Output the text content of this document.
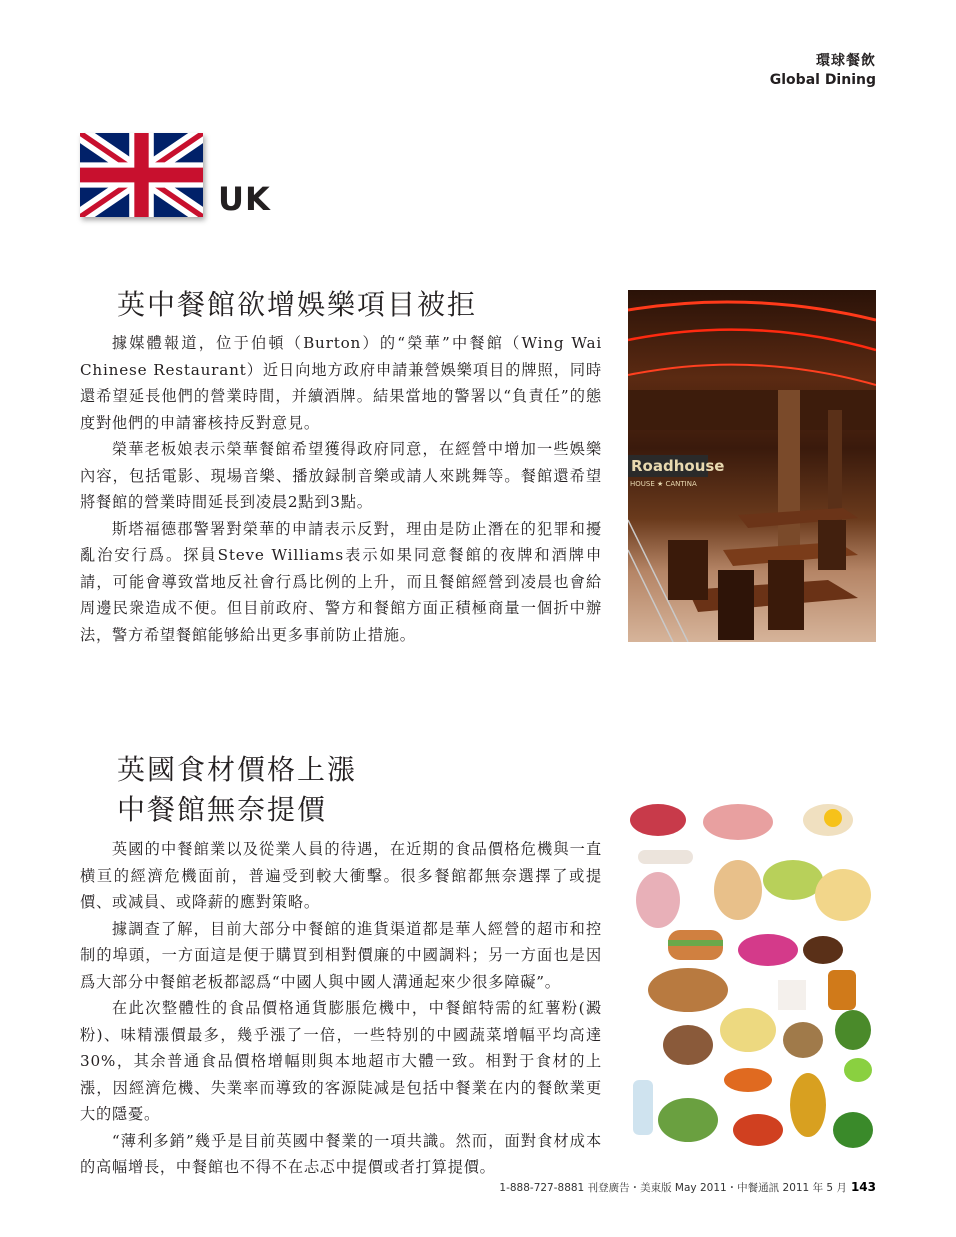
環球餐飲
Global Dining
UK
英中餐館欲增娛樂項目被拒

據媒體報道，位于伯頓（Burton）的“榮華”中餐館（Wing Wai Chinese Restaurant）近日向地方政府申請兼營娛樂項目的牌照，同時還希望延長他們的營業時間，并續酒牌。結果當地的警署以“負責任”的態度對他們的申請審核持反對意見。

榮華老板娘表示榮華餐館希望獲得政府同意，在經營中增加一些娛樂內容，包括電影、現場音樂、播放録制音樂或請人來跳舞等。餐館還希望將餐館的營業時間延長到凌晨2點到3點。

斯塔福德郡警署對榮華的申請表示反對，理由是防止潛在的犯罪和擾亂治安行爲。探員Steve Williams表示如果同意餐館的夜牌和酒牌申請，可能會導致當地反社會行爲比例的上升，而且餐館經營到凌晨也會給周邊民衆造成不便。但目前政府、警方和餐館方面正積極商量一個折中辦法，警方希望餐館能够給出更多事前防止措施。

Roadhouse
HOUSE ★ CANTINA
英國食材價格上漲
中餐館無奈提價

英國的中餐館業以及從業人員的待遇，在近期的食品價格危機與一直横亘的經濟危機面前，普遍受到較大衝擊。很多餐館都無奈選擇了或提價、或减員、或降薪的應對策略。

據調查了解，目前大部分中餐館的進貨渠道都是華人經營的超市和控制的埠頭，一方面這是便于購買到相對價廉的中國調料；另一方面也是因爲大部分中餐館老板都認爲“中國人與中國人溝通起來少很多障礙”。

在此次整體性的食品價格通貨膨脹危機中，中餐館特需的紅薯粉(澱粉)、味精漲價最多，幾乎漲了一倍，一些特别的中國蔬菜增幅平均高達30%，其余普通食品價格增幅則與本地超市大體一致。相對于食材的上漲，因經濟危機、失業率而導致的客源陡减是包括中餐業在内的餐飲業更大的隱憂。

“薄利多銷”幾乎是目前英國中餐業的一項共識。然而，面對食材成本的高幅增長，中餐館也不得不在忐忑中提價或者打算提價。

1-888-727-8881 刊登廣告・美東版 May 2011・中餐通訊 2011 年 5 月 143
